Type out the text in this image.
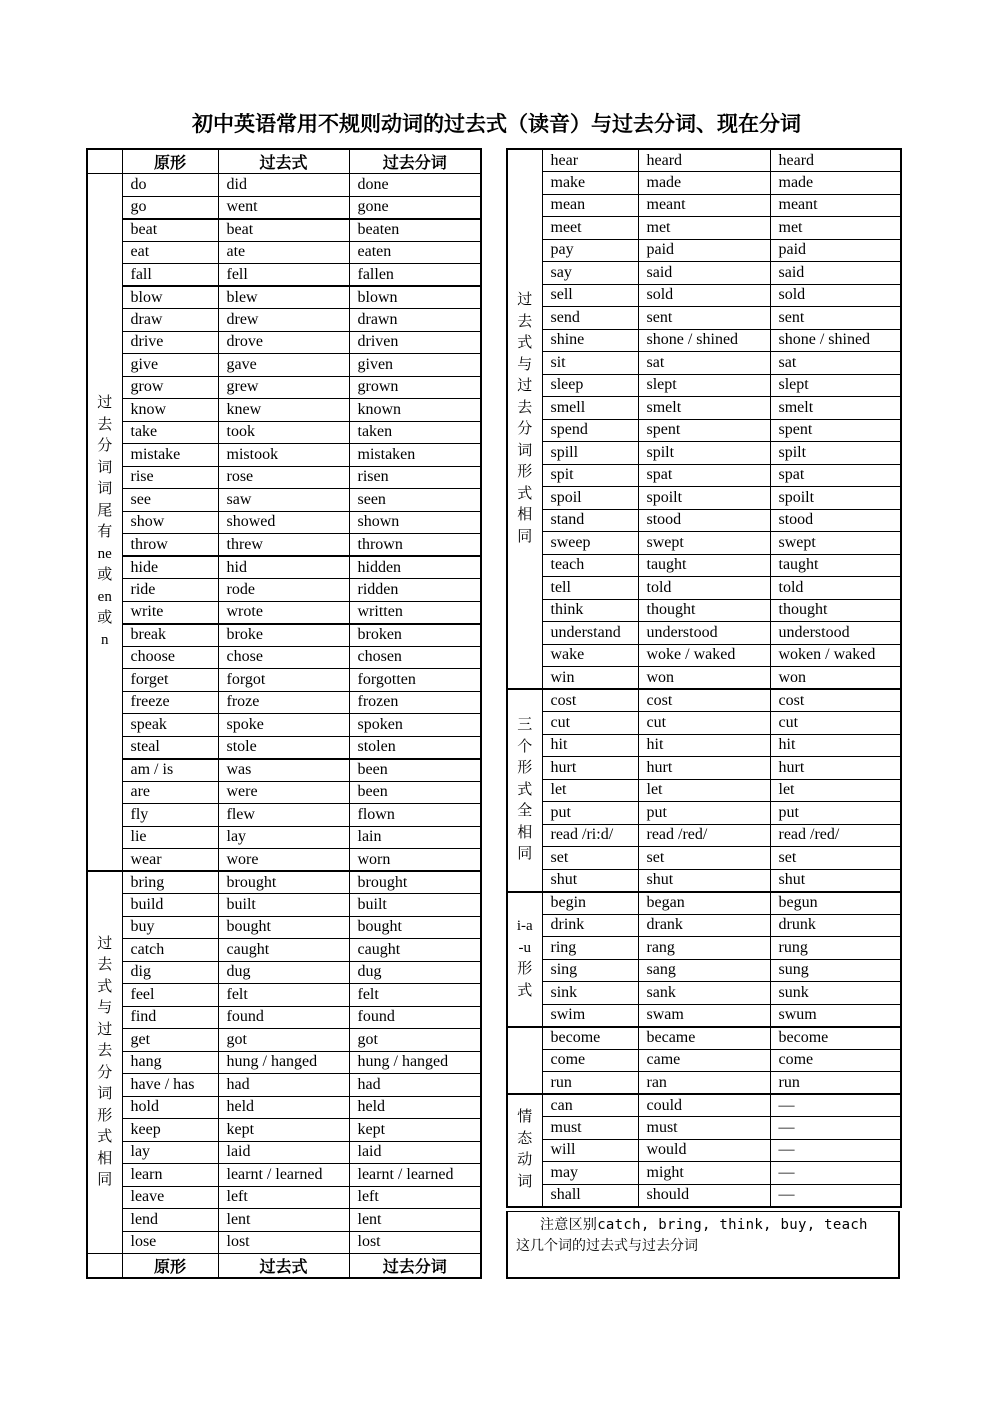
初中英语常用不规则动词的过去式（读音）与过去分词、现在分词
	原形	过去式	过去分词
过去分词词尾有ne或en或n	do	did	done
	go	went	gone
	beat	beat	beaten
	eat	ate	eaten
	fall	fell	fallen
	blow	blew	blown
	draw	drew	drawn
	drive	drove	driven
	give	gave	given
	grow	grew	grown
	know	knew	known
	take	took	taken
	mistake	mistook	mistaken
	rise	rose	risen
	see	saw	seen
	show	showed	shown
	throw	threw	thrown
	hide	hid	hidden
	ride	rode	ridden
	write	wrote	written
	break	broke	broken
	choose	chose	chosen
	forget	forgot	forgotten
	freeze	froze	frozen
	speak	spoke	spoken
	steal	stole	stolen
	am / is	was	been
	are	were	been
	fly	flew	flown
	lie	lay	lain
	wear	wore	worn
过去式与过去分词形式相同	bring	brought	brought
	build	built	built
	buy	bought	bought
	catch	caught	caught
	dig	dug	dug
	feel	felt	felt
	find	found	found
	get	got	got
	hang	hung / hanged	hung / hanged
	have / has	had	had
	hold	held	held
	keep	kept	kept
	lay	laid	laid
	learn	learnt / learned	learnt / learned
	leave	left	left
	lend	lent	lent
	lose	lost	lost
	原形	过去式	过去分词
过去式与过去分词形式相同	hear	heard	heard
	make	made	made
	mean	meant	meant
	meet	met	met
	pay	paid	paid
	say	said	said
	sell	sold	sold
	send	sent	sent
	shine	shone / shined	shone / shined
	sit	sat	sat
	sleep	slept	slept
	smell	smelt	smelt
	spend	spent	spent
	spill	spilt	spilt
	spit	spat	spat
	spoil	spoilt	spoilt
	stand	stood	stood
	sweep	swept	swept
	teach	taught	taught
	tell	told	told
	think	thought	thought
	understand	understood	understood
	wake	woke / waked	woken / waked
	win	won	won
三个形式全相同	cost	cost	cost
	cut	cut	cut
	hit	hit	hit
	hurt	hurt	hurt
	let	let	let
	put	put	put
	read /ri:d/	read /red/	read /red/
	set	set	set
	shut	shut	shut
i-a-u形式	begin	began	begun
	drink	drank	drunk
	ring	rang	rung
	sing	sang	sung
	sink	sank	sunk
	swim	swam	swum
	become	became	become
	come	came	come
	run	ran	run
情态动词	can	could	—
	must	must	—
	will	would	—
	may	might	—
	shall	should	—
注意区别catch, bring, think, buy, teach
这几个词的过去式与过去分词
